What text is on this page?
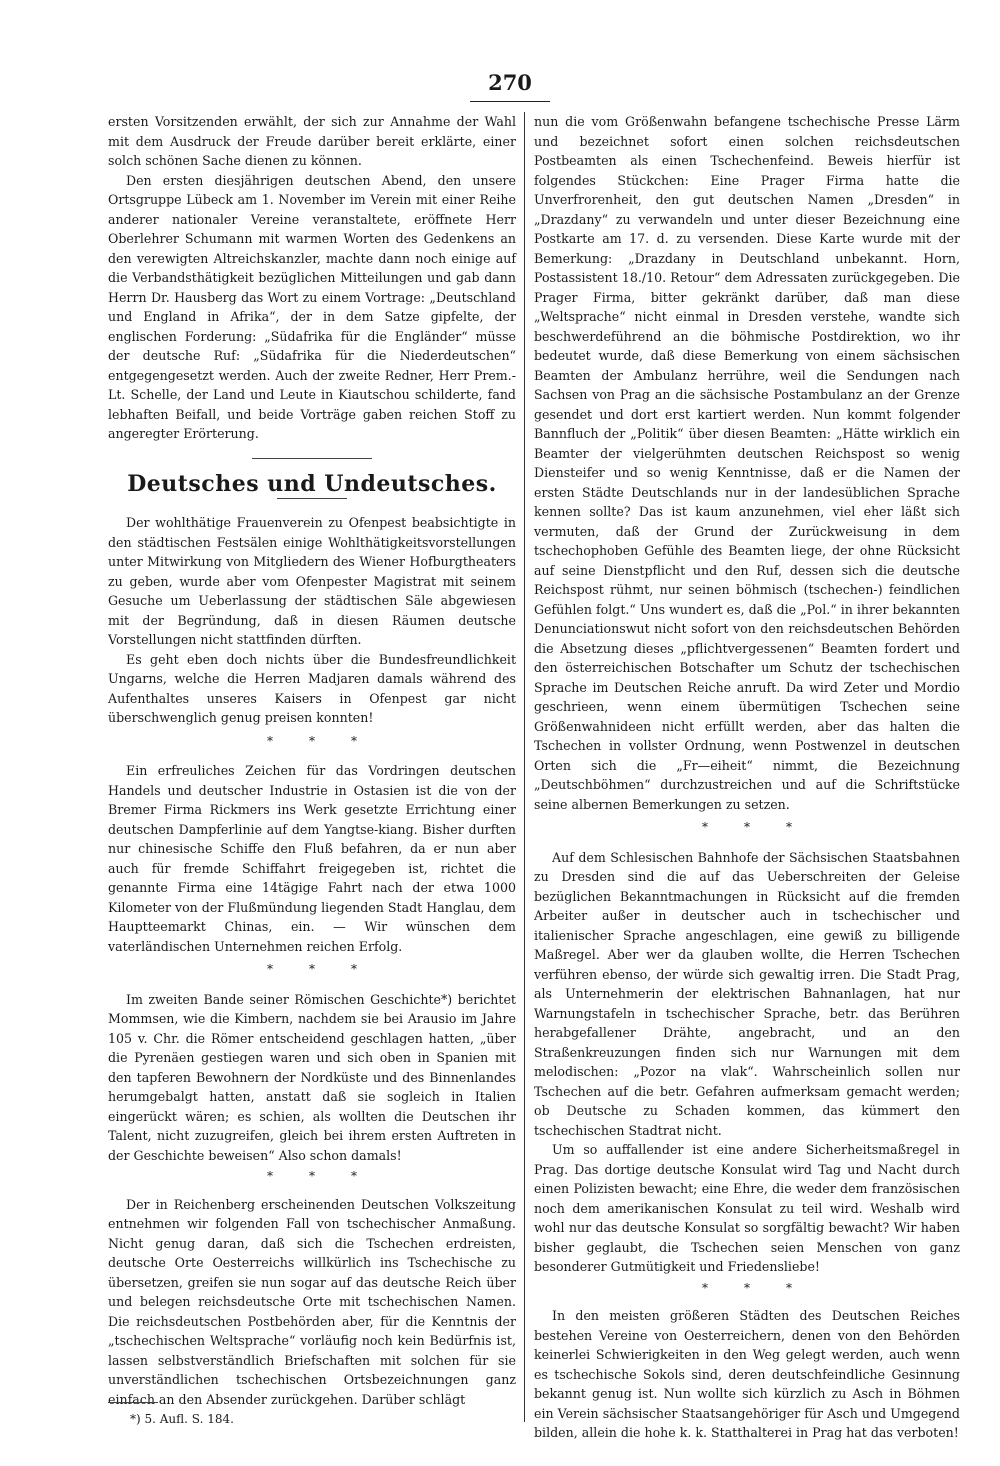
270

ersten Vorsitzenden erwählt, der sich zur Annahme der Wahl mit dem Ausdruck der Freude darüber bereit erklärte, einer solch schönen Sache dienen zu können.

Den ersten diesjährigen deutschen Abend, den unsere Ortsgruppe Lübeck am 1. November im Verein mit einer Reihe anderer nationaler Vereine veranstaltete, eröffnete Herr Oberlehrer Schumann mit warmen Worten des Gedenkens an den verewigten Altreichskanzler, machte dann noch einige auf die Verbandsthätigkeit bezüglichen Mitteilungen und gab dann Herrn Dr. Hausberg das Wort zu einem Vortrage: „Deutschland und England in Afrika“, der in dem Satze gipfelte, der englischen Forderung: „Südafrika für die Engländer“ müsse der deutsche Ruf: „Südafrika für die Niederdeutschen“ entgegengesetzt werden. Auch der zweite Redner, Herr Prem.-Lt. Schelle, der Land und Leute in Kiautschou schilderte, fand lebhaften Beifall, und beide Vorträge gaben reichen Stoff zu angeregter Erörterung.

Deutsches und Undeutsches.

Der wohlthätige Frauenverein zu Ofenpest beabsichtigte in den städtischen Festsälen einige Wohlthätigkeitsvorstellungen unter Mitwirkung von Mitgliedern des Wiener Hofburgtheaters zu geben, wurde aber vom Ofenpester Magistrat mit seinem Gesuche um Ueberlassung der städtischen Säle abgewiesen mit der Begründung, daß in diesen Räumen deutsche Vorstellungen nicht stattfinden dürften.

Es geht eben doch nichts über die Bundesfreundlichkeit Ungarns, welche die Herren Madjaren damals während des Aufenthaltes unseres Kaisers in Ofenpest gar nicht überschwenglich genug preisen konnten!

***

Ein erfreuliches Zeichen für das Vordringen deutschen Handels und deutscher Industrie in Ostasien ist die von der Bremer Firma Rickmers ins Werk gesetzte Errichtung einer deutschen Dampferlinie auf dem Yangtse-kiang. Bisher durften nur chinesische Schiffe den Fluß befahren, da er nun aber auch für fremde Schiffahrt freigegeben ist, richtet die genannte Firma eine 14tägige Fahrt nach der etwa 1000 Kilometer von der Flußmündung liegenden Stadt Hanglau, dem Hauptteemarkt Chinas, ein. — Wir wünschen dem vaterländischen Unternehmen reichen Erfolg.

***

Im zweiten Bande seiner Römischen Geschichte*) berichtet Mommsen, wie die Kimbern, nachdem sie bei Arausio im Jahre 105 v. Chr. die Römer entscheidend geschlagen hatten, „über die Pyrenäen gestiegen waren und sich oben in Spanien mit den tapferen Bewohnern der Nordküste und des Binnenlandes herumgebalgt hatten, anstatt daß sie sogleich in Italien eingerückt wären; es schien, als wollten die Deutschen ihr Talent, nicht zuzugreifen, gleich bei ihrem ersten Auftreten in der Geschichte beweisen“ Also schon damals!

***

Der in Reichenberg erscheinenden Deutschen Volkszeitung entnehmen wir folgenden Fall von tschechischer Anmaßung. Nicht genug daran, daß sich die Tschechen erdreisten, deutsche Orte Oesterreichs willkürlich ins Tschechische zu übersetzen, greifen sie nun sogar auf das deutsche Reich über und belegen reichsdeutsche Orte mit tschechischen Namen. Die reichsdeutschen Postbehörden aber, für die Kenntnis der „tschechischen Weltsprache“ vorläufig noch kein Bedürfnis ist, lassen selbstverständlich Briefschaften mit solchen für sie unverständlichen tschechischen Ortsbezeichnungen ganz einfach an den Absender zurückgehen. Darüber schlägt

nun die vom Größenwahn befangene tschechische Presse Lärm und bezeichnet sofort einen solchen reichsdeutschen Postbeamten als einen Tschechenfeind. Beweis hierfür ist folgendes Stückchen: Eine Prager Firma hatte die Unverfrorenheit, den gut deutschen Namen „Dresden“ in „Drazdany“ zu verwandeln und unter dieser Bezeichnung eine Postkarte am 17. d. zu versenden. Diese Karte wurde mit der Bemerkung: „Drazdany in Deutschland unbekannt. Horn, Postassistent 18./10. Retour“ dem Adressaten zurückgegeben. Die Prager Firma, bitter gekränkt darüber, daß man diese „Weltsprache“ nicht einmal in Dresden verstehe, wandte sich beschwerdeführend an die böhmische Postdirektion, wo ihr bedeutet wurde, daß diese Bemerkung von einem sächsischen Beamten der Ambulanz herrühre, weil die Sendungen nach Sachsen von Prag an die sächsische Postambulanz an der Grenze gesendet und dort erst kartiert werden. Nun kommt folgender Bannfluch der „Politik“ über diesen Beamten: „Hätte wirklich ein Beamter der vielgerühmten deutschen Reichspost so wenig Diensteifer und so wenig Kenntnisse, daß er die Namen der ersten Städte Deutschlands nur in der landesüblichen Sprache kennen sollte? Das ist kaum anzunehmen, viel eher läßt sich vermuten, daß der Grund der Zurückweisung in dem tschechophoben Gefühle des Beamten liege, der ohne Rücksicht auf seine Dienstpflicht und den Ruf, dessen sich die deutsche Reichspost rühmt, nur seinen böhmisch (tschechen-) feindlichen Gefühlen folgt.“ Uns wundert es, daß die „Pol.“ in ihrer bekannten Denunciationswut nicht sofort von den reichsdeutschen Behörden die Absetzung dieses „pflichtvergessenen“ Beamten fordert und den österreichischen Botschafter um Schutz der tschechischen Sprache im Deutschen Reiche anruft. Da wird Zeter und Mordio geschrieen, wenn einem übermütigen Tschechen seine Größenwahnideen nicht erfüllt werden, aber das halten die Tschechen in vollster Ordnung, wenn Postwenzel in deutschen Orten sich die „Fr—eiheit“ nimmt, die Bezeichnung „Deutschböhmen“ durchzustreichen und auf die Schriftstücke seine albernen Bemerkungen zu setzen.

***

Auf dem Schlesischen Bahnhofe der Sächsischen Staatsbahnen zu Dresden sind die auf das Ueberschreiten der Geleise bezüglichen Bekanntmachungen in Rücksicht auf die fremden Arbeiter außer in deutscher auch in tschechischer und italienischer Sprache angeschlagen, eine gewiß zu billigende Maßregel. Aber wer da glauben wollte, die Herren Tschechen verführen ebenso, der würde sich gewaltig irren. Die Stadt Prag, als Unternehmerin der elektrischen Bahnanlagen, hat nur Warnungstafeln in tschechischer Sprache, betr. das Berühren herabgefallener Drähte, angebracht, und an den Straßenkreuzungen finden sich nur Warnungen mit dem melodischen: „Pozor na vlak“. Wahrscheinlich sollen nur Tschechen auf die betr. Gefahren aufmerksam gemacht werden; ob Deutsche zu Schaden kommen, das kümmert den tschechischen Stadtrat nicht.

Um so auffallender ist eine andere Sicherheitsmaßregel in Prag. Das dortige deutsche Konsulat wird Tag und Nacht durch einen Polizisten bewacht; eine Ehre, die weder dem französischen noch dem amerikanischen Konsulat zu teil wird. Weshalb wird wohl nur das deutsche Konsulat so sorgfältig bewacht? Wir haben bisher geglaubt, die Tschechen seien Menschen von ganz besonderer Gutmütigkeit und Friedensliebe!

***

In den meisten größeren Städten des Deutschen Reiches bestehen Vereine von Oesterreichern, denen von den Behörden keinerlei Schwierigkeiten in den Weg gelegt werden, auch wenn es tschechische Sokols sind, deren deutschfeindliche Gesinnung bekannt genug ist. Nun wollte sich kürzlich zu Asch in Böhmen ein Verein sächsischer Staatsangehöriger für Asch und Umgegend bilden, allein die hohe k. k. Statthalterei in Prag hat das verboten!

*) 5. Aufl. S. 184.
